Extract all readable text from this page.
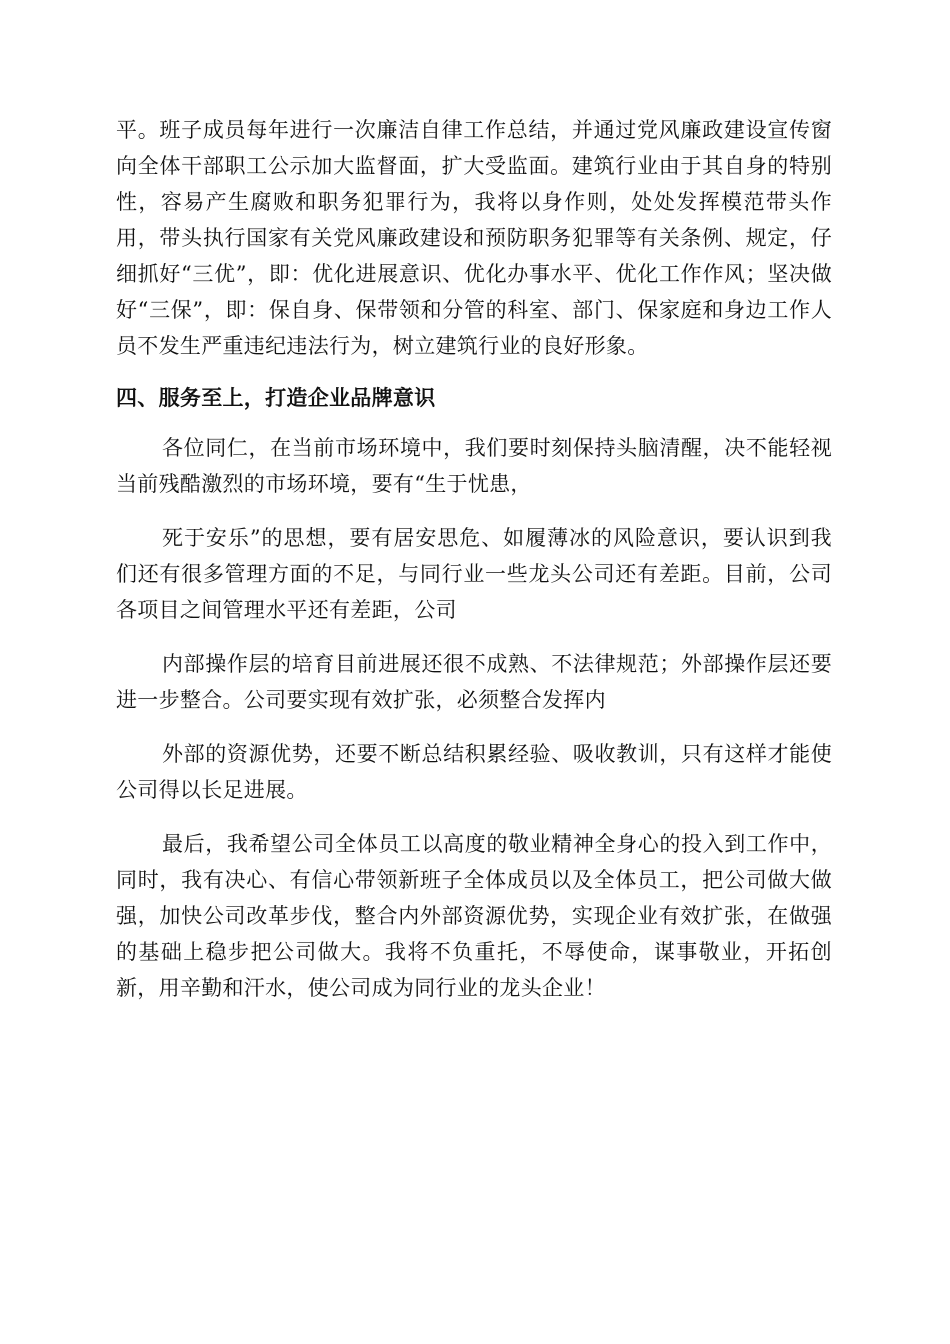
平。班子成员每年进行一次廉洁自律工作总结，并通过党风廉政建设宣传窗向全体干部职工公示加大监督面，扩大受监面。建筑行业由于其自身的特别性，容易产生腐败和职务犯罪行为，我将以身作则，处处发挥模范带头作用，带头执行国家有关党风廉政建设和预防职务犯罪等有关条例、规定，仔细抓好“三优”，即：优化进展意识、优化办事水平、优化工作作风；坚决做好“三保”，即：保自身、保带领和分管的科室、部门、保家庭和身边工作人员不发生严重违纪违法行为，树立建筑行业的良好形象。

四、服务至上，打造企业品牌意识

各位同仁，在当前市场环境中，我们要时刻保持头脑清醒，决不能轻视当前残酷激烈的市场环境，要有“生于忧患，

死于安乐”的思想，要有居安思危、如履薄冰的风险意识，要认识到我们还有很多管理方面的不足，与同行业一些龙头公司还有差距。目前，公司各项目之间管理水平还有差距，公司

内部操作层的培育目前进展还很不成熟、不法律规范；外部操作层还要进一步整合。公司要实现有效扩张，必须整合发挥内

外部的资源优势，还要不断总结积累经验、吸收教训，只有这样才能使公司得以长足进展。

最后，我希望公司全体员工以高度的敬业精神全身心的投入到工作中，同时，我有决心、有信心带领新班子全体成员以及全体员工，把公司做大做强，加快公司改革步伐，整合内外部资源优势，实现企业有效扩张，在做强的基础上稳步把公司做大。我将不负重托，不辱使命，谋事敬业，开拓创新，用辛勤和汗水，使公司成为同行业的龙头企业！
